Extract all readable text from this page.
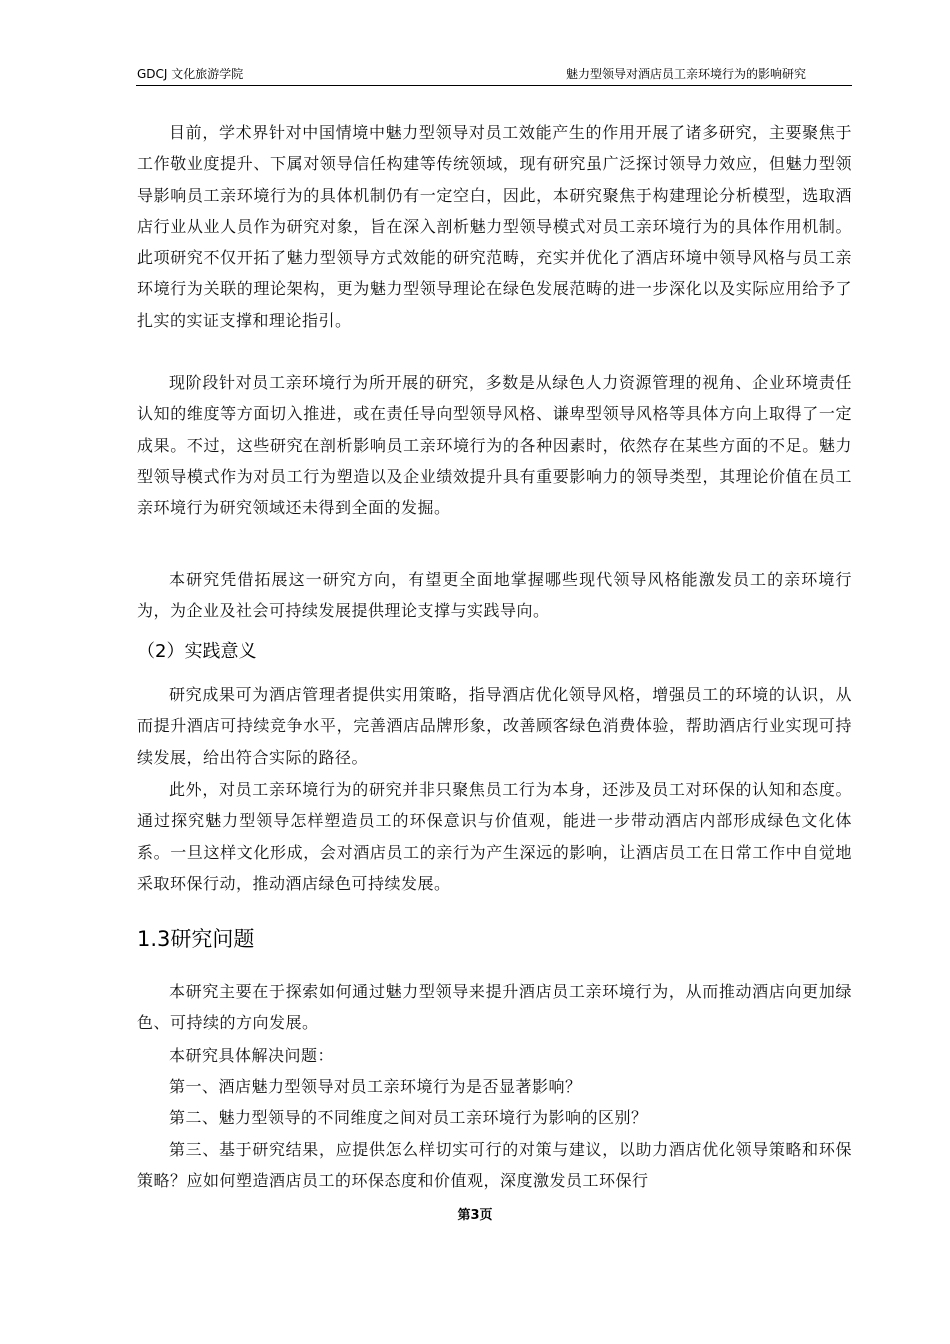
GDCJ 文化旅游学院	魅力型领导对酒店员工亲环境行为的影响研究

目前，学术界针对中国情境中魅力型领导对员工效能产生的作用开展了诸多研究，主要聚焦于工作敬业度提升、下属对领导信任构建等传统领域，现有研究虽广泛探讨领导力效应，但魅力型领导影响员工亲环境行为的具体机制仍有一定空白，因此，本研究聚焦于构建理论分析模型，选取酒店行业从业人员作为研究对象，旨在深入剖析魅力型领导模式对员工亲环境行为的具体作用机制。此项研究不仅开拓了魅力型领导方式效能的研究范畴，充实并优化了酒店环境中领导风格与员工亲环境行为关联的理论架构，更为魅力型领导理论在绿色发展范畴的进一步深化以及实际应用给予了扎实的实证支撑和理论指引。

现阶段针对员工亲环境行为所开展的研究，多数是从绿色人力资源管理的视角、企业环境责任认知的维度等方面切入推进，或在责任导向型领导风格、谦卑型领导风格等具体方向上取得了一定成果。不过，这些研究在剖析影响员工亲环境行为的各种因素时，依然存在某些方面的不足。魅力型领导模式作为对员工行为塑造以及企业绩效提升具有重要影响力的领导类型，其理论价值在员工亲环境行为研究领域还未得到全面的发掘。

本研究凭借拓展这一研究方向，有望更全面地掌握哪些现代领导风格能激发员工的亲环境行为，为企业及社会可持续发展提供理论支撑与实践导向。

（2）实践意义

研究成果可为酒店管理者提供实用策略，指导酒店优化领导风格，增强员工的环境的认识，从而提升酒店可持续竞争水平，完善酒店品牌形象，改善顾客绿色消费体验，帮助酒店行业实现可持续发展，给出符合实际的路径。

此外，对员工亲环境行为的研究并非只聚焦员工行为本身，还涉及员工对环保的认知和态度。通过探究魅力型领导怎样塑造员工的环保意识与价值观，能进一步带动酒店内部形成绿色文化体系。一旦这样文化形成，会对酒店员工的亲行为产生深远的影响，让酒店员工在日常工作中自觉地采取环保行动，推动酒店绿色可持续发展。

1.3研究问题

本研究主要在于探索如何通过魅力型领导来提升酒店员工亲环境行为，从而推动酒店向更加绿色、可持续的方向发展。

本研究具体解决问题：

第一、酒店魅力型领导对员工亲环境行为是否显著影响？

第二、魅力型领导的不同维度之间对员工亲环境行为影响的区别？

第三、基于研究结果，应提供怎么样切实可行的对策与建议，以助力酒店优化领导策略和环保策略？应如何塑造酒店员工的环保态度和价值观，深度激发员工环保行

第3页
